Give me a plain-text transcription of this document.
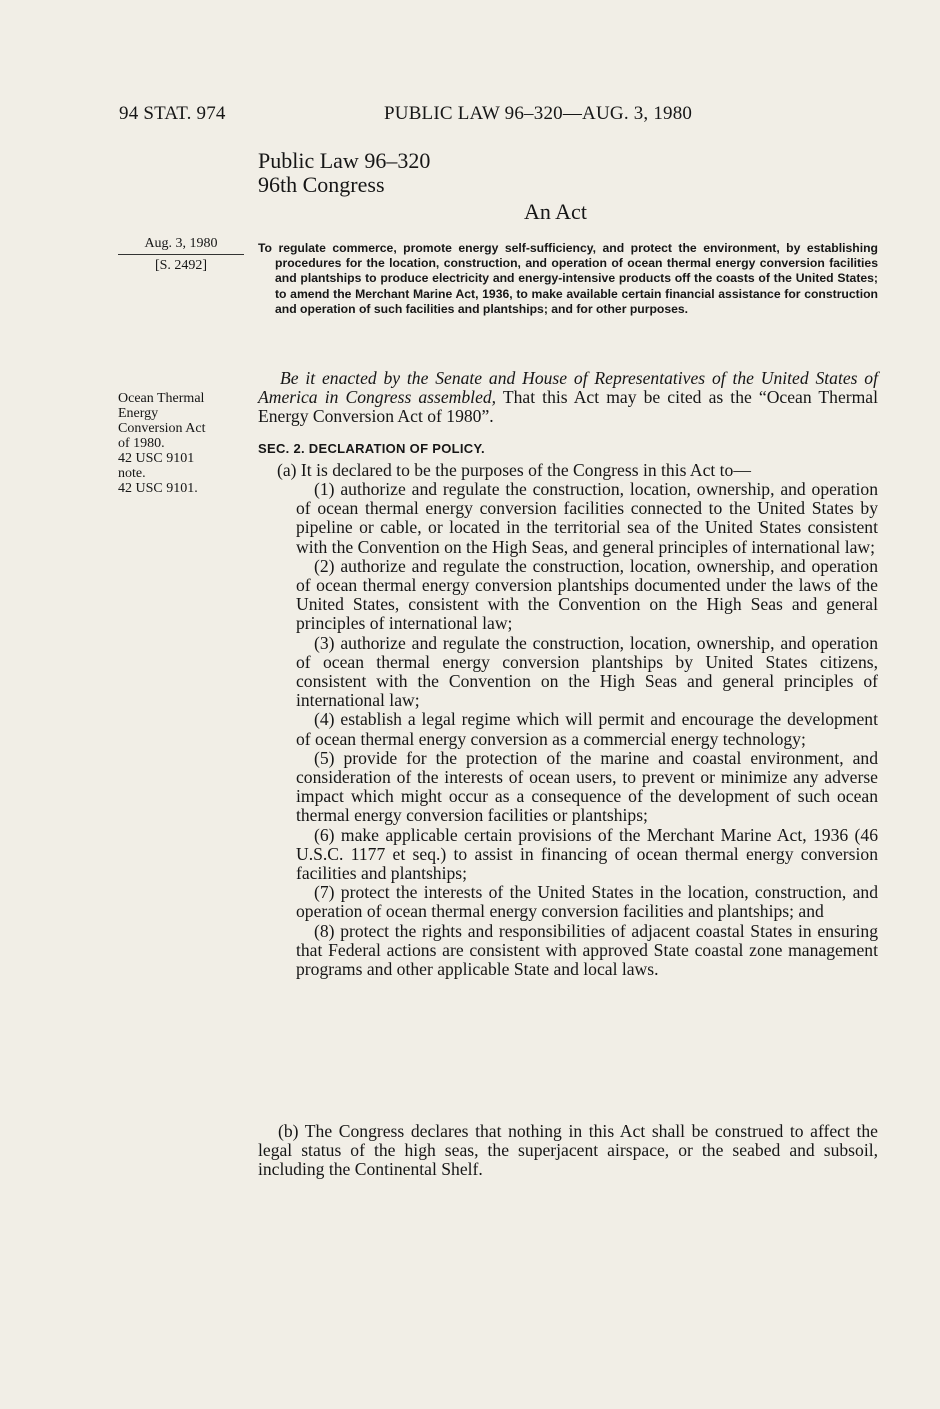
94 STAT. 974	PUBLIC LAW 96–320—AUG. 3, 1980
Public Law 96–320
96th Congress
An Act
Aug. 3, 1980
[S. 2492]
Ocean Thermal
Energy
Conversion Act
of 1980.
42 USC 9101
note.
42 USC 9101.
To regulate commerce, promote energy self-sufficiency, and protect the environment, by establishing procedures for the location, construction, and operation of ocean thermal energy conversion facilities and plantships to produce electricity and energy-intensive products off the coasts of the United States; to amend the Merchant Marine Act, 1936, to make available certain financial assistance for construction and operation of such facilities and plantships; and for other purposes.
Be it enacted by the Senate and House of Representatives of the United States of America in Congress assembled, That this Act may be cited as the “Ocean Thermal Energy Conversion Act of 1980”.
SEC. 2. DECLARATION OF POLICY.
(a) It is declared to be the purposes of the Congress in this Act to—

(1) authorize and regulate the construction, location, ownership, and operation of ocean thermal energy conversion facilities connected to the United States by pipeline or cable, or located in the territorial sea of the United States consistent with the Convention on the High Seas, and general principles of international law;

(2) authorize and regulate the construction, location, ownership, and operation of ocean thermal energy conversion plantships documented under the laws of the United States, consistent with the Convention on the High Seas and general principles of international law;

(3) authorize and regulate the construction, location, ownership, and operation of ocean thermal energy conversion plantships by United States citizens, consistent with the Convention on the High Seas and general principles of international law;

(4) establish a legal regime which will permit and encourage the development of ocean thermal energy conversion as a commercial energy technology;

(5) provide for the protection of the marine and coastal environment, and consideration of the interests of ocean users, to prevent or minimize any adverse impact which might occur as a consequence of the development of such ocean thermal energy conversion facilities or plantships;

(6) make applicable certain provisions of the Merchant Marine Act, 1936 (46 U.S.C. 1177 et seq.) to assist in financing of ocean thermal energy conversion facilities and plantships;

(7) protect the interests of the United States in the location, construction, and operation of ocean thermal energy conversion facilities and plantships; and

(8) protect the rights and responsibilities of adjacent coastal States in ensuring that Federal actions are consistent with approved State coastal zone management programs and other applicable State and local laws.

(b) The Congress declares that nothing in this Act shall be construed to affect the legal status of the high seas, the superjacent airspace, or the seabed and subsoil, including the Continental Shelf.
